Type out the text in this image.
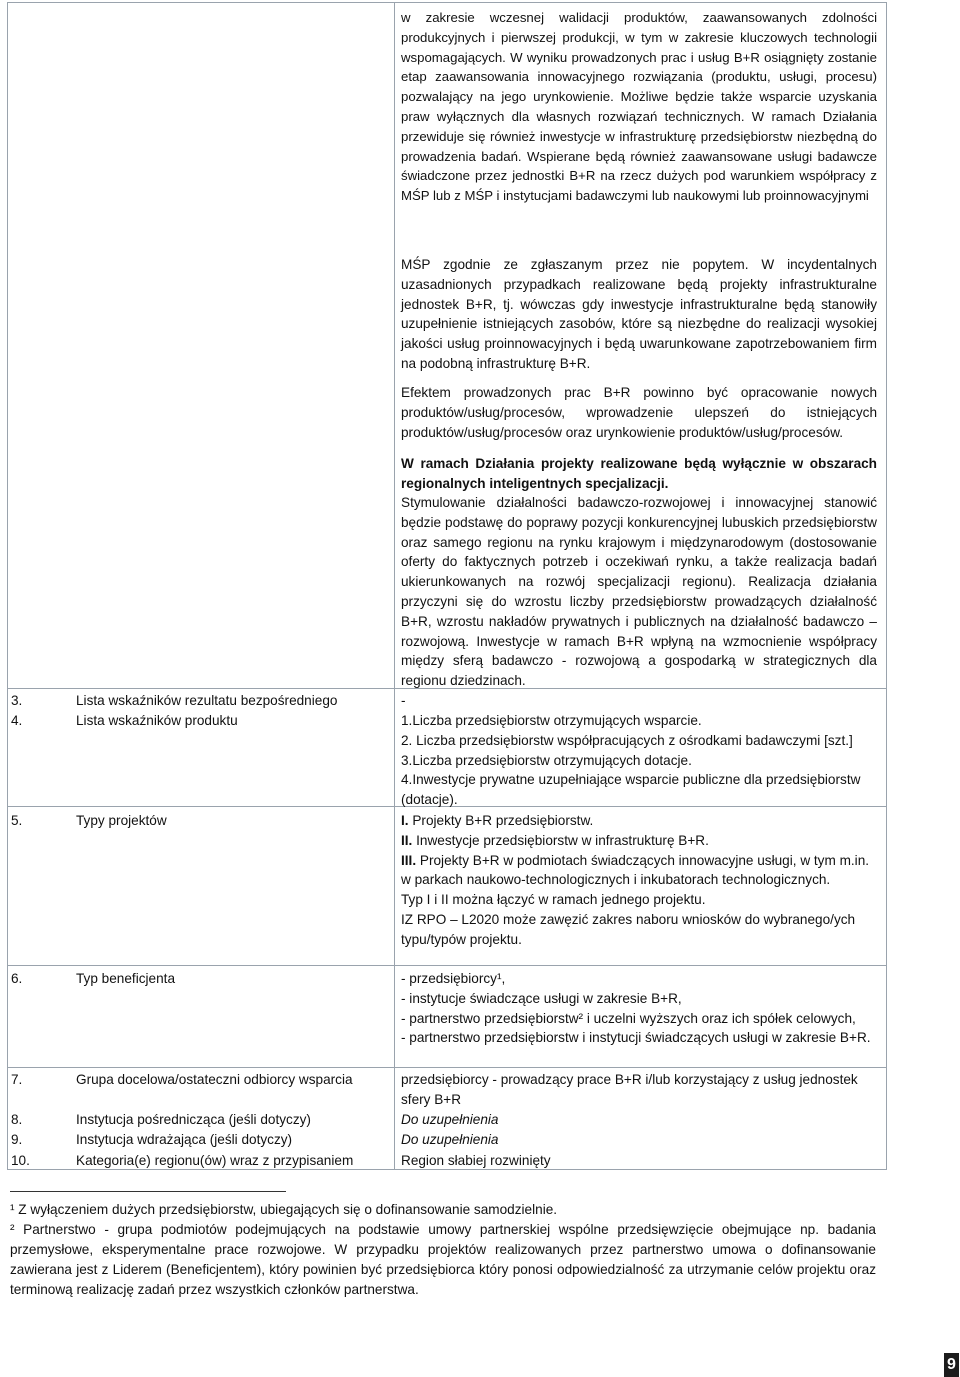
w zakresie wczesnej walidacji produktów, zaawansowanych zdolności produkcyjnych i pierwszej produkcji, w tym w zakresie kluczowych technologii wspomagających. W wyniku prowadzonych prac i usług B+R osiągnięty zostanie etap zaawansowania innowacyjnego rozwiązania (produktu, usługi, procesu) pozwalający na jego urynkowienie. Możliwe będzie także wsparcie uzyskania praw wyłącznych dla własnych rozwiązań technicznych. W ramach Działania przewiduje się również inwestycje w infrastrukturę przedsiębiorstw niezbędną do prowadzenia badań. Wspierane będą również zaawansowane usługi badawcze świadczone przez jednostki B+R na rzecz dużych pod warunkiem współpracy z MŚP lub z MŚP i instytucjami badawczymi lub naukowymi lub proinnowacyjnymi

MŚP zgodnie ze zgłaszanym przez nie popytem. W incydentalnych uzasadnionych przypadkach realizowane będą projekty infrastrukturalne jednostek B+R, tj. wówczas gdy inwestycje infrastrukturalne będą stanowiły uzupełnienie istniejących zasobów, które są niezbędne do realizacji wysokiej jakości usług proinnowacyjnych i będą uwarunkowane zapotrzebowaniem firm na podobną infrastrukturę B+R.
Efektem prowadzonych prac B+R powinno być opracowanie nowych produktów/usług/procesów, wprowadzenie ulepszeń do istniejących produktów/usług/procesów oraz urynkowienie produktów/usług/procesów.
W ramach Działania projekty realizowane będą wyłącznie w obszarach regionalnych inteligentnych specjalizacji.
Stymulowanie działalności badawczo-rozwojowej i innowacyjnej stanowić będzie podstawę do poprawy pozycji konkurencyjnej lubuskich przedsiębiorstw oraz samego regionu na rynku krajowym i międzynarodowym (dostosowanie oferty do faktycznych potrzeb i oczekiwań rynku, a także realizacja badań ukierunkowanych na rozwój specjalizacji regionu). Realizacja działania przyczyni się do wzrostu liczby przedsiębiorstw prowadzących działalność B+R, wzrostu nakładów prywatnych i publicznych na działalność badawczo –rozwojową. Inwestycje w ramach B+R wpłyną na wzmocnienie współpracy między sferą badawczo - rozwojową a gospodarką w strategicznych dla regionu dziedzinach.
3.	Lista wskaźników rezultatu bezpośredniego	-
4.	Lista wskaźników produktu	1.Liczba przedsiębiorstw otrzymujących wsparcie.
2. Liczba przedsiębiorstw współpracujących z ośrodkami badawczymi [szt.]
3.Liczba przedsiębiorstw otrzymujących dotacje.
4.Inwestycje prywatne uzupełniające wsparcie publiczne dla przedsiębiorstw (dotacje).
5.	Typy projektów	I. Projekty B+R przedsiębiorstw.
II. Inwestycje przedsiębiorstw w infrastrukturę B+R.
III. Projekty B+R w podmiotach świadczących innowacyjne usługi, w tym m.in. w parkach naukowo-technologicznych i inkubatorach technologicznych.
Typ I i II można łączyć w ramach jednego projektu.
IZ RPO – L2020 może zawęzić zakres naboru wniosków do wybranego/ych typu/typów projektu.
6.	Typ beneficjenta	- przedsiębiorcy¹,
- instytucje świadczące usługi w zakresie B+R,
- partnerstwo przedsiębiorstw² i uczelni wyższych oraz ich spółek celowych,
- partnerstwo przedsiębiorstw i instytucji świadczących usługi w zakresie B+R.
7.	Grupa docelowa/ostateczni odbiorcy wsparcia	przedsiębiorcy - prowadzący prace B+R i/lub korzystający z usług jednostek sfery B+R
8.	Instytucja pośrednicząca (jeśli dotyczy)	Do uzupełnienia
9.	Instytucja wdrażająca (jeśli dotyczy)	Do uzupełnienia
10.	Kategoria(e) regionu(ów) wraz z przypisaniem	Region słabiej rozwinięty

¹ Z wyłączeniem dużych przedsiębiorstw, ubiegających się o dofinansowanie samodzielnie.

² Partnerstwo - grupa podmiotów podejmujących na podstawie umowy partnerskiej wspólne przedsięwzięcie obejmujące np. badania przemysłowe, eksperymentalne prace rozwojowe. W przypadku projektów realizowanych przez partnerstwo umowa o dofinansowanie zawierana jest z Liderem (Beneficjentem), który powinien być przedsiębiorca który ponosi odpowiedzialność za utrzymanie celów projektu oraz terminową realizację zadań przez wszystkich członków partnerstwa.

9
